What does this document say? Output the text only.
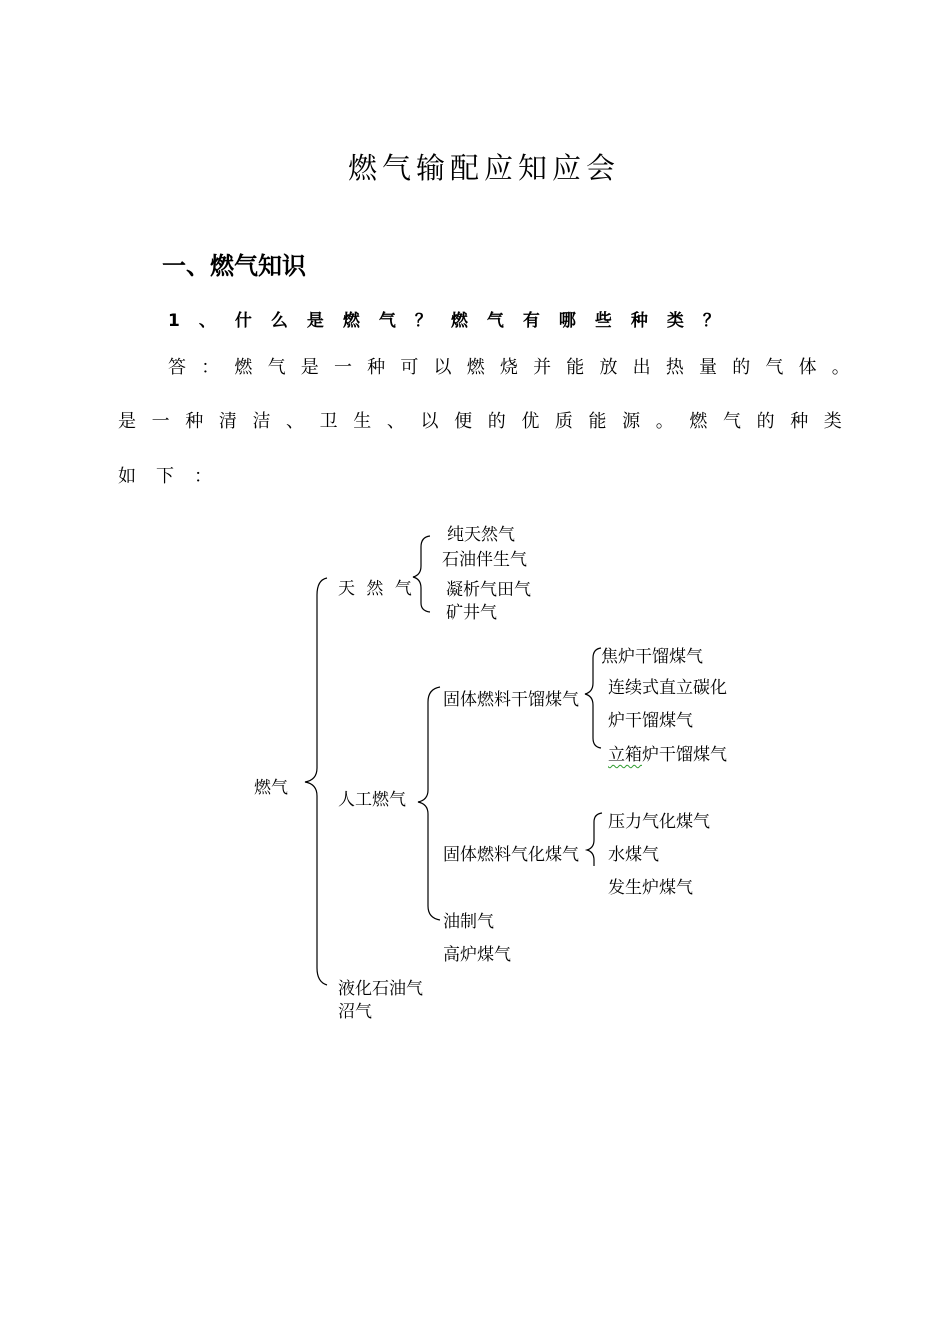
燃气输配应知应会
一、燃气知识
1、什么是燃气？燃气有哪些种类？
答 ： 燃 气 是 一 种 可 以 燃 烧 并 能 放 出 热 量 的 气 体 。
是 一 种 清 洁 、 卫 生 、 以 便 的 优 质 能 源 。 燃 气 的 种 类
如下：
燃气
天 然 气
纯天然气
石油伴生气
凝析气田气
矿井气
人工燃气
固体燃料干馏煤气
焦炉干馏煤气
连续式直立碳化
炉干馏煤气
立箱炉干馏煤气
固体燃料气化煤气
压力气化煤气
水煤气
发生炉煤气
油制气
高炉煤气
液化石油气
沼气
